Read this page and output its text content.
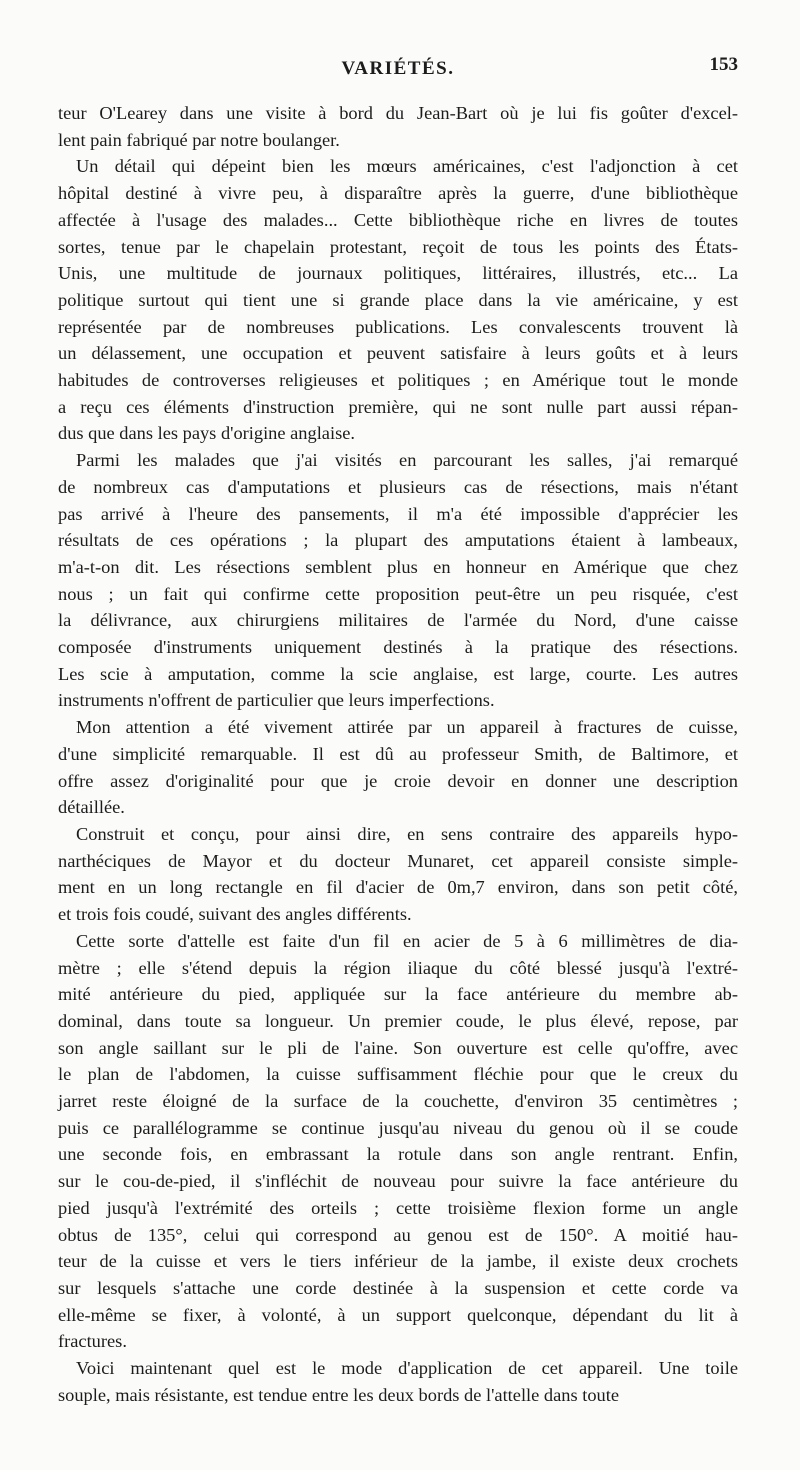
VARIÉTÉS.	153

teur O'Learey dans une visite à bord du Jean-Bart où je lui fis goûter d'excel-
lent pain fabriqué par notre boulanger.

Un détail qui dépeint bien les mœurs américaines, c'est l'adjonction à cet
hôpital destiné à vivre peu, à disparaître après la guerre, d'une bibliothèque
affectée à l'usage des malades... Cette bibliothèque riche en livres de toutes
sortes, tenue par le chapelain protestant, reçoit de tous les points des États-
Unis, une multitude de journaux politiques, littéraires, illustrés, etc... La
politique surtout qui tient une si grande place dans la vie américaine, y est
représentée par de nombreuses publications. Les convalescents trouvent là
un délassement, une occupation et peuvent satisfaire à leurs goûts et à leurs
habitudes de controverses religieuses et politiques ; en Amérique tout le monde
a reçu ces éléments d'instruction première, qui ne sont nulle part aussi répan-
dus que dans les pays d'origine anglaise.

Parmi les malades que j'ai visités en parcourant les salles, j'ai remarqué
de nombreux cas d'amputations et plusieurs cas de résections, mais n'étant
pas arrivé à l'heure des pansements, il m'a été impossible d'apprécier les
résultats de ces opérations ; la plupart des amputations étaient à lambeaux,
m'a-t-on dit. Les résections semblent plus en honneur en Amérique que chez
nous ; un fait qui confirme cette proposition peut-être un peu risquée, c'est
la délivrance, aux chirurgiens militaires de l'armée du Nord, d'une caisse
composée d'instruments uniquement destinés à la pratique des résections.
Les scie à amputation, comme la scie anglaise, est large, courte. Les autres
instruments n'offrent de particulier que leurs imperfections.

Mon attention a été vivement attirée par un appareil à fractures de cuisse,
d'une simplicité remarquable. Il est dû au professeur Smith, de Baltimore, et
offre assez d'originalité pour que je croie devoir en donner une description
détaillée.

Construit et conçu, pour ainsi dire, en sens contraire des appareils hypo-
narthéciques de Mayor et du docteur Munaret, cet appareil consiste simple-
ment en un long rectangle en fil d'acier de 0m,7 environ, dans son petit côté,
et trois fois coudé, suivant des angles différents.

Cette sorte d'attelle est faite d'un fil en acier de 5 à 6 millimètres de dia-
mètre ; elle s'étend depuis la région iliaque du côté blessé jusqu'à l'extré-
mité antérieure du pied, appliquée sur la face antérieure du membre ab-
dominal, dans toute sa longueur. Un premier coude, le plus élevé, repose, par
son angle saillant sur le pli de l'aine. Son ouverture est celle qu'offre, avec
le plan de l'abdomen, la cuisse suffisamment fléchie pour que le creux du
jarret reste éloigné de la surface de la couchette, d'environ 35 centimètres ;
puis ce parallélogramme se continue jusqu'au niveau du genou où il se coude
une seconde fois, en embrassant la rotule dans son angle rentrant. Enfin,
sur le cou-de-pied, il s'infléchit de nouveau pour suivre la face antérieure du
pied jusqu'à l'extrémité des orteils ; cette troisième flexion forme un angle
obtus de 135°, celui qui correspond au genou est de 150°. A moitié hau-
teur de la cuisse et vers le tiers inférieur de la jambe, il existe deux crochets
sur lesquels s'attache une corde destinée à la suspension et cette corde va
elle-même se fixer, à volonté, à un support quelconque, dépendant du lit à
fractures.

Voici maintenant quel est le mode d'application de cet appareil. Une toile
souple, mais résistante, est tendue entre les deux bords de l'attelle dans toute
